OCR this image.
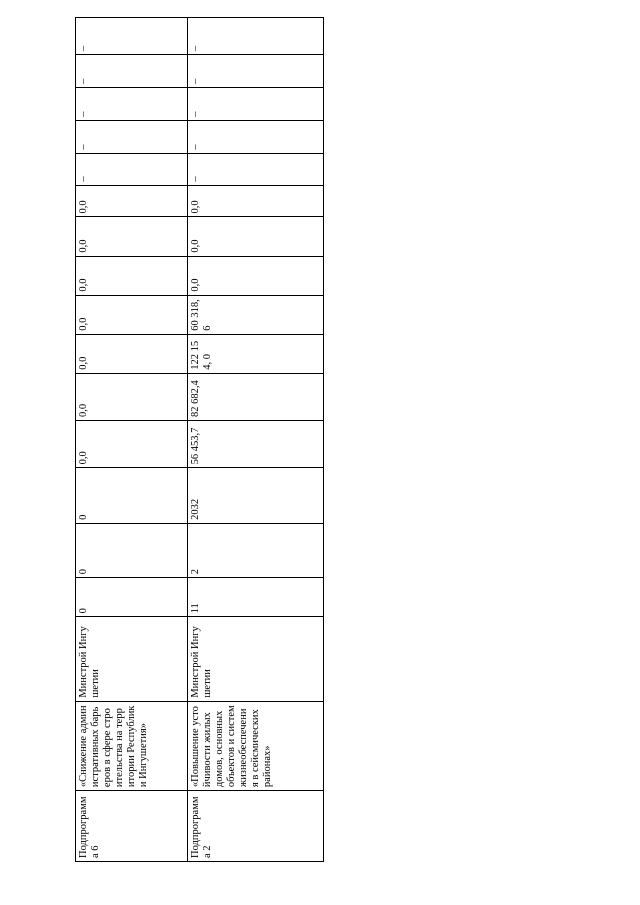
Подпрограмма 6	«Снижение административных барьеров в сфере строительства на территории Республики Ингушетия»	Минстрой Ингушетии	0	0	0	0,0	0,0	0,0	0,0	0,0	0,0	0,0	–	–	–	–	–
Подпрограмма 2	«Повышение устойчивости жилых домов, основных объектов и систем жизнеобеспечения в сейсмических районах»	Минстрой Ингушетии	11	2	2032	56 453,7	82 682,4	122 154, 0	60 318, 6	0,0	0,0	0,0	–	–	–	–	–
